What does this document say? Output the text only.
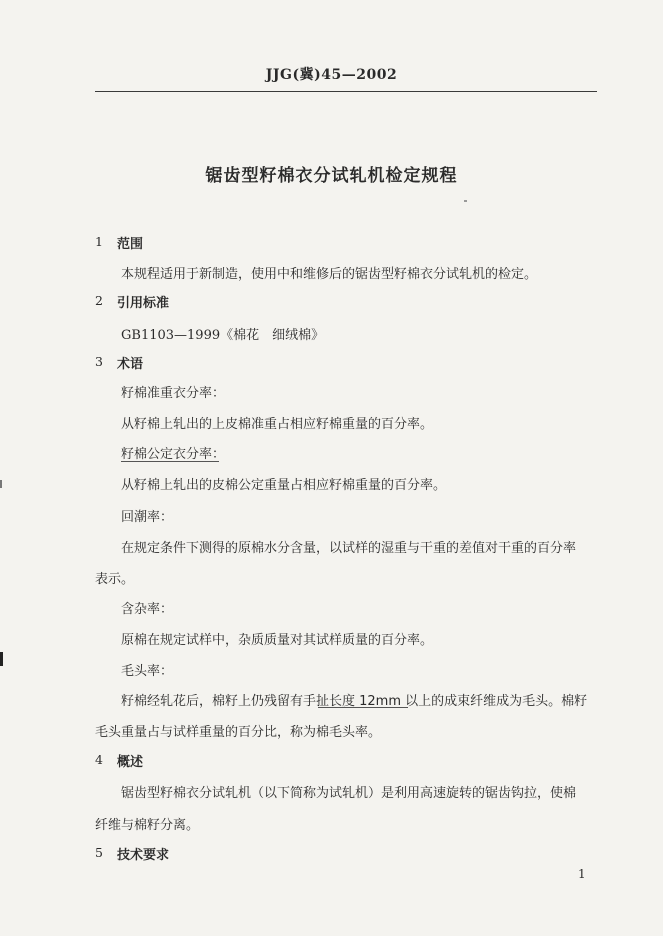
JJG(冀)45—2002
锯齿型籽棉衣分试轧机检定规程
1 范围
本规程适用于新制造，使用中和维修后的锯齿型籽棉衣分试轧机的检定。
2 引用标准
GB1103—1999《棉花　细绒棉》
3 术语
籽棉准重衣分率：
从籽棉上轧出的上皮棉准重占相应籽棉重量的百分率。
籽棉公定衣分率：
从籽棉上轧出的皮棉公定重量占相应籽棉重量的百分率。
回潮率：
在规定条件下测得的原棉水分含量，以试样的湿重与干重的差值对干重的百分率
表示。
含杂率：
原棉在规定试样中，杂质质量对其试样质量的百分率。
毛头率：
籽棉经轧花后，棉籽上仍残留有手扯长度 12mm 以上的成束纤维成为毛头。棉籽
毛头重量占与试样重量的百分比，称为棉毛头率。
4 概述
锯齿型籽棉衣分试轧机（以下简称为试轧机）是利用高速旋转的锯齿钩拉，使棉
纤维与棉籽分离。
5 技术要求
1
